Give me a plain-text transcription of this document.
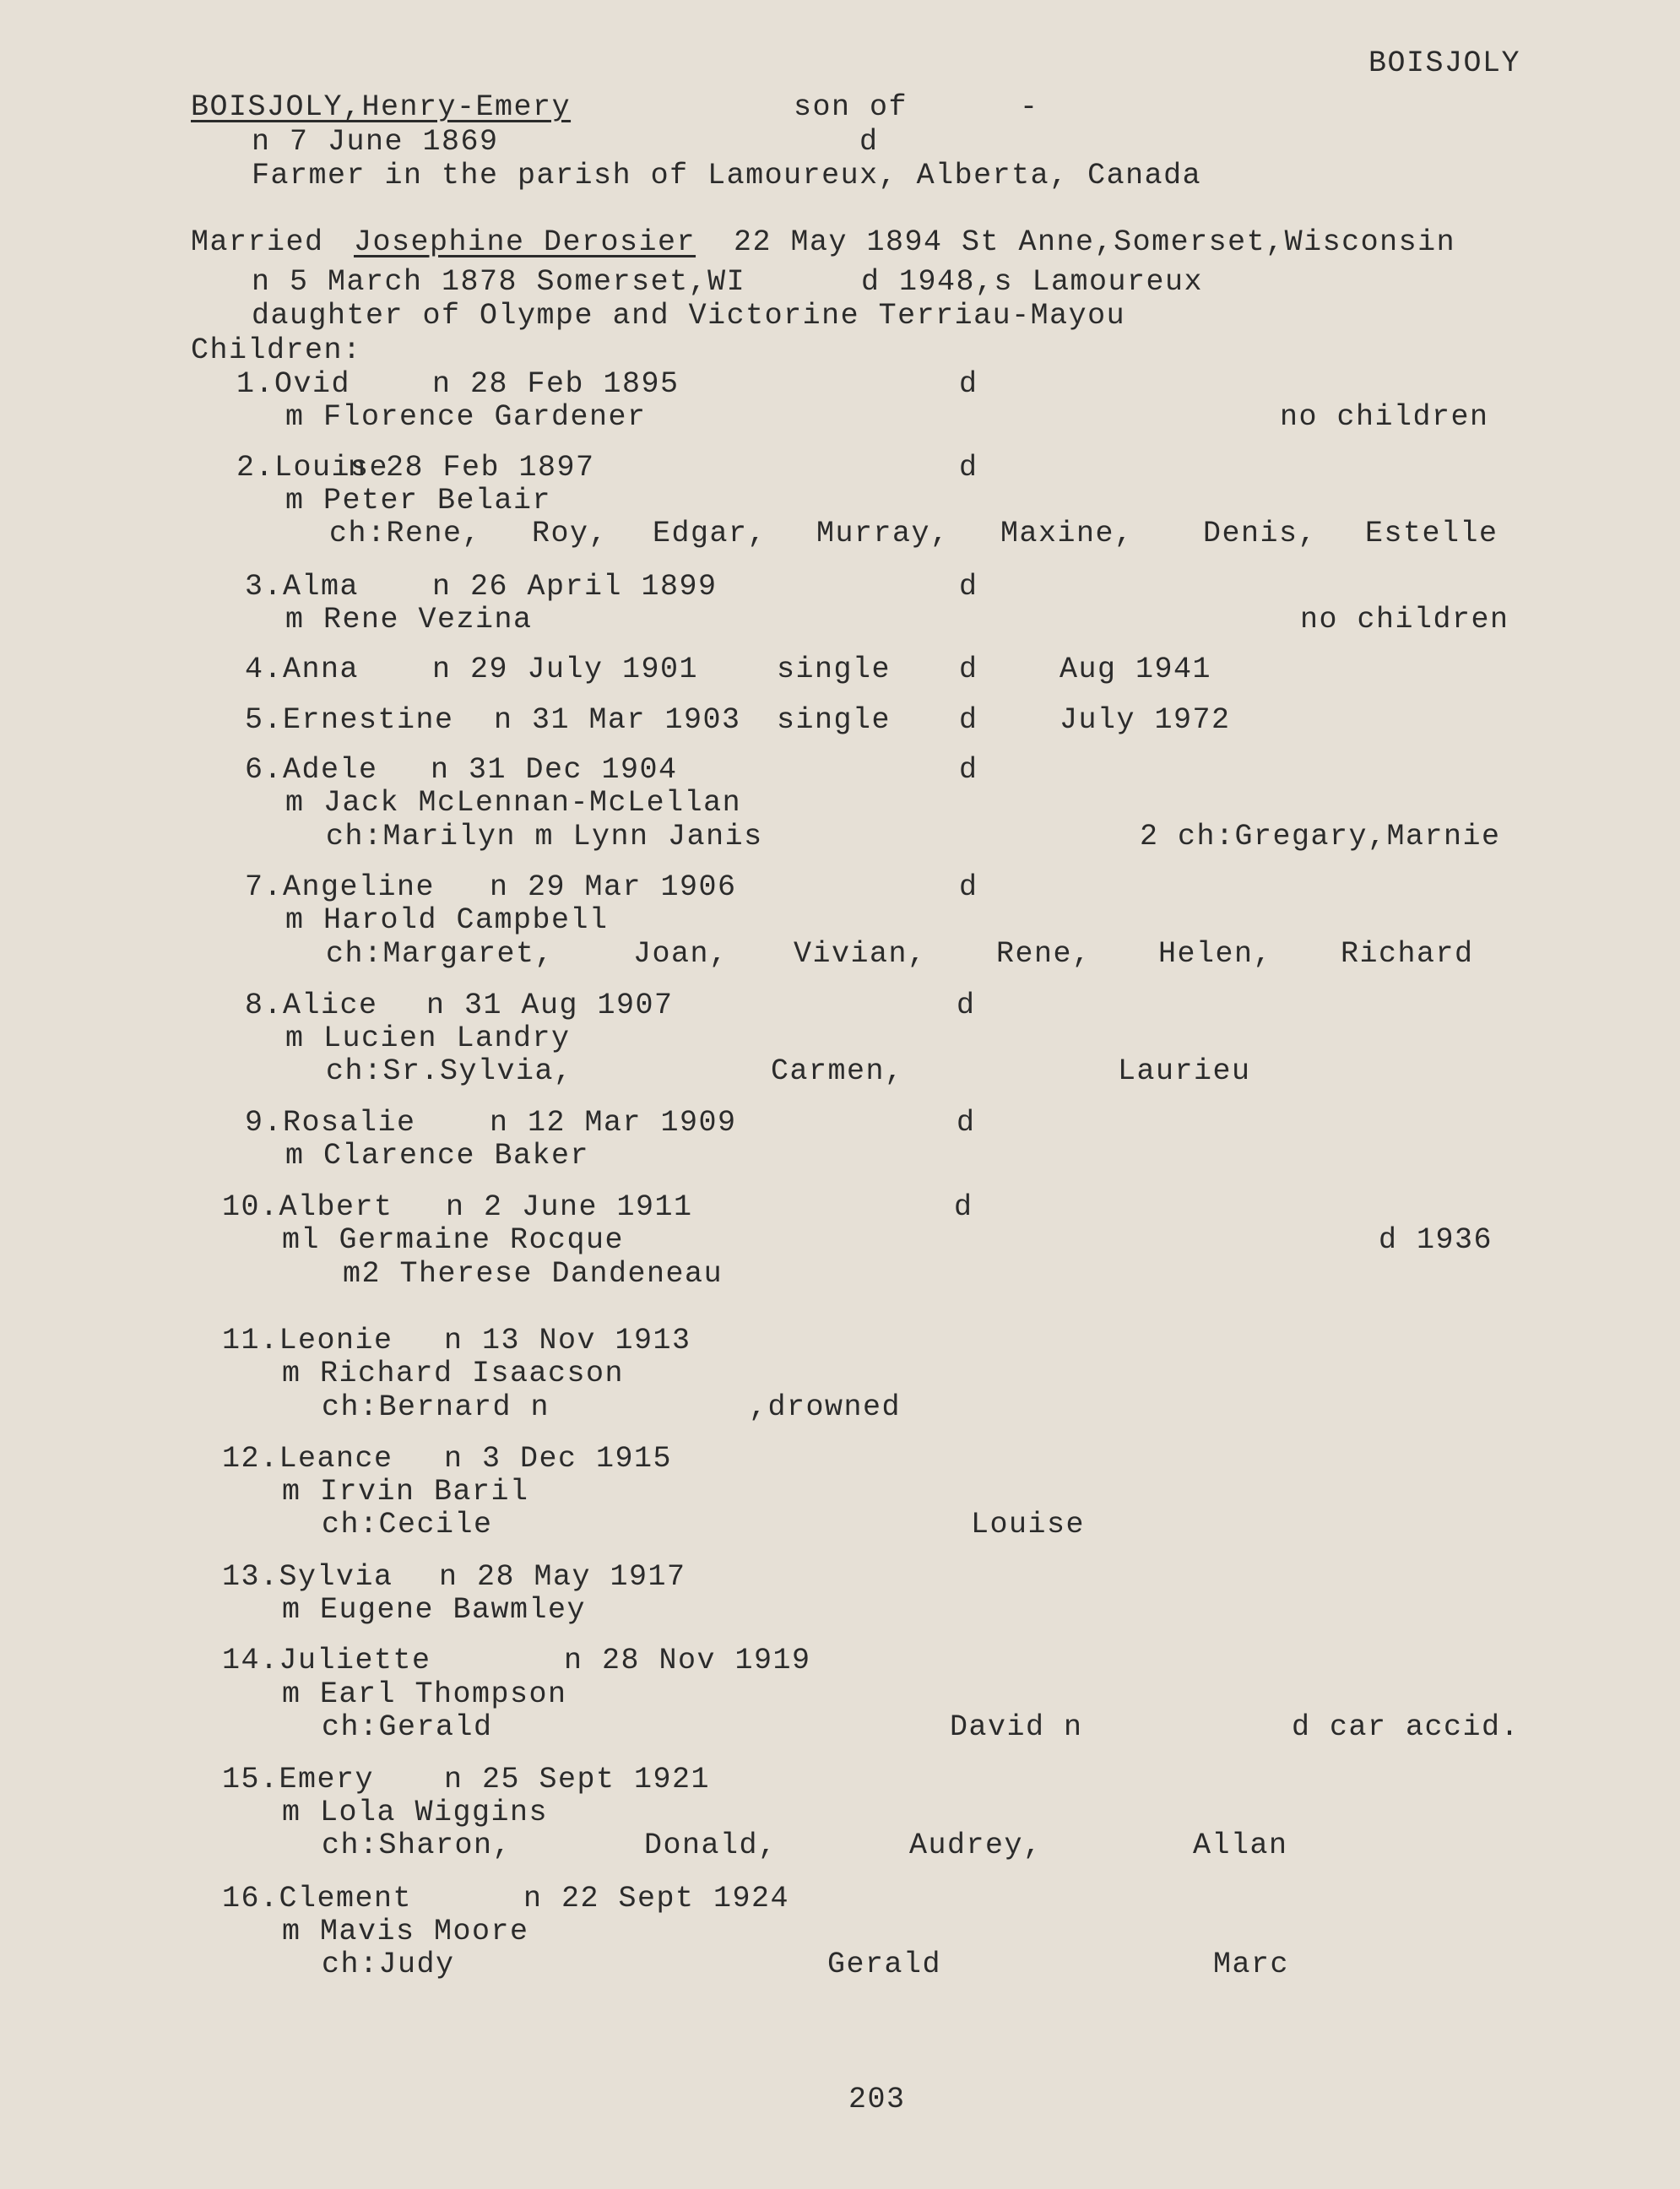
BOISJOLY
BOISJOLY,Henry-Emery	son of	-
n 7 June 1869	d
Farmer in the parish of Lamoureux, Alberta, Canada
Married Josephine Derosier 22 May 1894 St Anne,Somerset,Wisconsin
n 5 March 1878 Somerset,WI	d 1948,s Lamoureux
daughter of Olympe and Victorine Terriau-Mayou
Children:
1.Ovid	n 28 Feb 1895	d
m Florence Gardener	no children
2.Louise
n 28 Feb 1897	d
m Peter Belair
ch:Rene, Roy, Edgar, Murray, Maxine, Denis, Estelle
3.Alma n 26 April 1899	d
m Rene Vezina	no children
4.Anna n 29 July 1901	single d	Aug 1941
5.Ernestine n 31 Mar 1903 single d	July 1972
6.Adele n 31 Dec 1904	d
m Jack McLennan-McLellan
ch:Marilyn m Lynn Janis	2 ch:Gregary,Marnie
7.Angeline n 29 Mar 1906	d
m Harold Campbell
ch:Margaret,	Joan, Vivian, Rene, Helen, Richard
8.Alice n 31 Aug 1907	d
m Lucien Landry
ch:Sr.Sylvia,	Carmen,	Laurieu
9.Rosalie n 12 Mar 1909	d
m Clarence Baker
10.Albert n 2 June 1911	d
ml Germaine Rocque	d 1936
m2 Therese Dandeneau
11.Leonie n 13 Nov 1913
m Richard Isaacson
ch:Bernard n	,drowned
12.Leance n 3 Dec 1915
m Irvin Baril
ch:Cecile	Louise
13.Sylvia n 28 May 1917
m Eugene Bawmley
14.Juliette	n 28 Nov 1919
m Earl Thompson
ch:Gerald	David n	d car accid.
15.Emery n 25 Sept 1921
m Lola Wiggins
ch:Sharon,	Donald,	Audrey,	Allan
16.Clement	n 22 Sept 1924
m Mavis Moore
ch:Judy	Gerald	Marc
203
